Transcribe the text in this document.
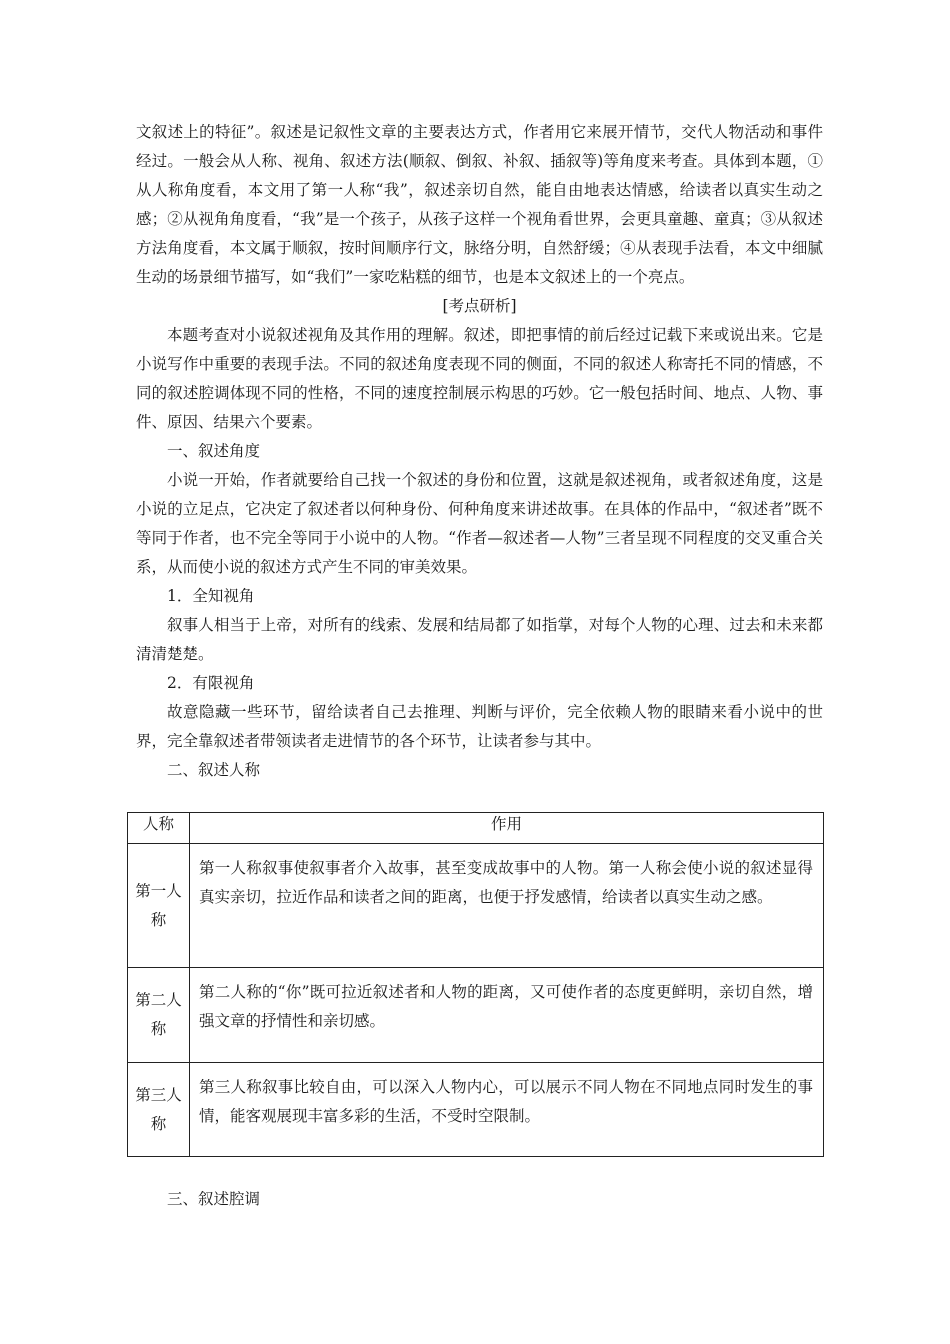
文叙述上的特征”。叙述是记叙性文章的主要表达方式，作者用它来展开情节，交代人物活动和事件经过。一般会从人称、视角、叙述方法(顺叙、倒叙、补叙、插叙等)等角度来考查。具体到本题，①从人称角度看，本文用了第一人称“我”，叙述亲切自然，能自由地表达情感，给读者以真实生动之感；②从视角角度看，“我”是一个孩子，从孩子这样一个视角看世界，会更具童趣、童真；③从叙述方法角度看，本文属于顺叙，按时间顺序行文，脉络分明，自然舒缓；④从表现手法看，本文中细腻生动的场景细节描写，如“我们”一家吃粘糕的细节，也是本文叙述上的一个亮点。

[考点研析]

本题考查对小说叙述视角及其作用的理解。叙述，即把事情的前后经过记载下来或说出来。它是小说写作中重要的表现手法。不同的叙述角度表现不同的侧面，不同的叙述人称寄托不同的情感，不同的叙述腔调体现不同的性格，不同的速度控制展示构思的巧妙。它一般包括时间、地点、人物、事件、原因、结果六个要素。

一、叙述角度

小说一开始，作者就要给自己找一个叙述的身份和位置，这就是叙述视角，或者叙述角度，这是小说的立足点，它决定了叙述者以何种身份、何种角度来讲述故事。在具体的作品中，“叙述者”既不等同于作者，也不完全等同于小说中的人物。“作者—叙述者—人物”三者呈现不同程度的交叉重合关系，从而使小说的叙述方式产生不同的审美效果。

1．全知视角

叙事人相当于上帝，对所有的线索、发展和结局都了如指掌，对每个人物的心理、过去和未来都清清楚楚。

2．有限视角

故意隐藏一些环节，留给读者自己去推理、判断与评价，完全依赖人物的眼睛来看小说中的世界，完全靠叙述者带领读者走进情节的各个环节，让读者参与其中。

二、叙述人称

人称	作用
第一人称	第一人称叙事使叙事者介入故事，甚至变成故事中的人物。第一人称会使小说的叙述显得真实亲切，拉近作品和读者之间的距离，也便于抒发感情，给读者以真实生动之感。
第二人称	第二人称的“你”既可拉近叙述者和人物的距离，又可使作者的态度更鲜明，亲切自然，增强文章的抒情性和亲切感。
第三人称	第三人称叙事比较自由，可以深入人物内心，可以展示不同人物在不同地点同时发生的事情，能客观展现丰富多彩的生活，不受时空限制。

三、叙述腔调
